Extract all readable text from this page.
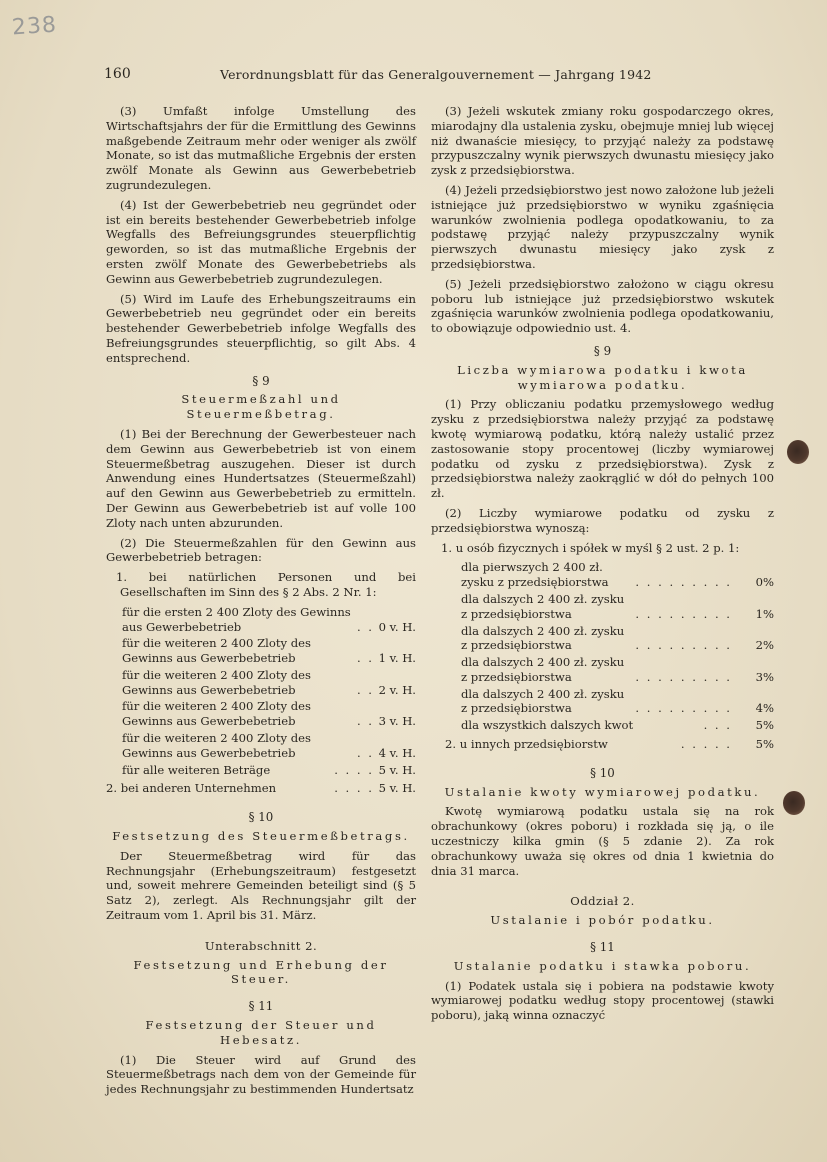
238
160	Verordnungsblatt für das Generalgouvernement — Jahrgang 1942

(3) Umfaßt infolge Umstellung des Wirtschaftsjahrs der für die Ermittlung des Gewinns maßgebende Zeitraum mehr oder weniger als zwölf Monate, so ist das mutmaßliche Ergebnis der ersten zwölf Monate als Gewinn aus Gewerbebetrieb zugrundezulegen.

(4) Ist der Gewerbebetrieb neu gegründet oder ist ein bereits bestehender Gewerbebetrieb infolge Wegfalls des Befreiungsgrundes steuerpflichtig geworden, so ist das mutmaßliche Ergebnis der ersten zwölf Monate des Gewerbebetriebs als Gewinn aus Gewerbebetrieb zugrundezulegen.

(5) Wird im Laufe des Erhebungszeitraums ein Gewerbebetrieb neu gegründet oder ein bereits bestehender Gewerbebetrieb infolge Wegfalls des Befreiungsgrundes steuerpflichtig, so gilt Abs. 4 entsprechend.

§ 9
Steuermeßzahl und Steuermeßbetrag.

(1) Bei der Berechnung der Gewerbesteuer nach dem Gewinn aus Gewerbebetrieb ist von einem Steuermeßbetrag auszugehen. Dieser ist durch Anwendung eines Hundertsatzes (Steuermeßzahl) auf den Gewinn aus Gewerbebetrieb zu ermitteln. Der Gewinn aus Gewerbebetrieb ist auf volle 100 Zloty nach unten abzurunden.

(2) Die Steuermeßzahlen für den Gewinn aus Gewerbebetrieb betragen:

1. bei natürlichen Personen und bei Gesellschaften im Sinn des § 2 Abs. 2 Nr. 1:

für die ersten 2 400 Zloty des Gewinns aus Gewerbebetrieb	. . 0 v. H.
für die weiteren 2 400 Zloty des Gewinns aus Gewerbebetrieb	. . 1 v. H.
für die weiteren 2 400 Zloty des Gewinns aus Gewerbebetrieb	. . 2 v. H.
für die weiteren 2 400 Zloty des Gewinns aus Gewerbebetrieb	. . 3 v. H.
für die weiteren 2 400 Zloty des Gewinns aus Gewerbebetrieb	. . 4 v. H.
für alle weiteren Beträge	. . . . 5 v. H.
2. bei anderen Unternehmen	. . . . 5 v. H.
§ 10
Festsetzung des Steuermeßbetrags.

Der Steuermeßbetrag wird für das Rechnungsjahr (Erhebungszeitraum) festgesetzt und, soweit mehrere Gemeinden beteiligt sind (§ 5 Satz 2), zerlegt. Als Rechnungsjahr gilt der Zeitraum vom 1. April bis 31. März.

Unterabschnitt 2.
Festsetzung und Erhebung der Steuer.
§ 11
Festsetzung der Steuer und Hebesatz.

(1) Die Steuer wird auf Grund des Steuermeßbetrags nach dem von der Gemeinde für jedes Rechnungsjahr zu bestimmenden Hundertsatz

(3) Jeżeli wskutek zmiany roku gospodarczego okres, miarodajny dla ustalenia zysku, obejmuje mniej lub więcej niż dwanaście miesięcy, to przyjąć należy za podstawę przypuszczalny wynik pierwszych dwunastu miesięcy jako zysk z przedsiębiorstwa.

(4) Jeżeli przedsiębiorstwo jest nowo założone lub jeżeli istniejące już przedsiębiorstwo w wyniku zgaśnięcia warunków zwolnienia podlega opodatkowaniu, to za podstawę przyjąć należy przypuszczalny wynik pierwszych dwunastu miesięcy jako zysk z przedsiębiorstwa.

(5) Jeżeli przedsiębiorstwo założono w ciągu okresu poboru lub istniejące już przedsiębiorstwo wskutek zgaśnięcia warunków zwolnienia podlega opodatkowaniu, to obowiązuje odpowiednio ust. 4.

§ 9
Liczba wymiarowa podatku i kwota wymiarowa podatku.

(1) Przy obliczaniu podatku przemysłowego według zysku z przedsiębiorstwa należy przyjąć za podstawę kwotę wymiarową podatku, którą należy ustalić przez zastosowanie stopy procentowej (liczby wymiarowej podatku od zysku z przedsiębiorstwa). Zysk z przedsiębiorstwa należy zaokrąglić w dół do pełnych 100 zł.

(2) Liczby wymiarowe podatku od zysku z przedsiębiorstwa wynoszą:

1. u osób fizycznych i spółek w myśl § 2 ust. 2 p. 1:

dla pierwszych 2 400 zł. zysku z przedsiębiorstwa	. . . . . . . . .	0%
dla dalszych 2 400 zł. zysku z przedsiębiorstwa	. . . . . . . . .	1%
dla dalszych 2 400 zł. zysku z przedsiębiorstwa	. . . . . . . . .	2%
dla dalszych 2 400 zł. zysku z przedsiębiorstwa	. . . . . . . . .	3%
dla dalszych 2 400 zł. zysku z przedsiębiorstwa	. . . . . . . . .	4%
dla wszystkich dalszych kwot	. . .	5%
2. u innych przedsiębiorstw	. . . . .	5%
§ 10
Ustalanie kwoty wymiarowej podatku.

Kwotę wymiarową podatku ustala się na rok obrachunkowy (okres poboru) i rozkłada się ją, o ile uczestniczy kilka gmin (§ 5 zdanie 2). Za rok obrachunkowy uważa się okres od dnia 1 kwietnia do dnia 31 marca.

Oddział 2.
Ustalanie i pobór podatku.
§ 11
Ustalanie podatku i stawka poboru.

(1) Podatek ustala się i pobiera na podstawie kwoty wymiarowej podatku według stopy procentowej (stawki poboru), jaką winna oznaczyć
